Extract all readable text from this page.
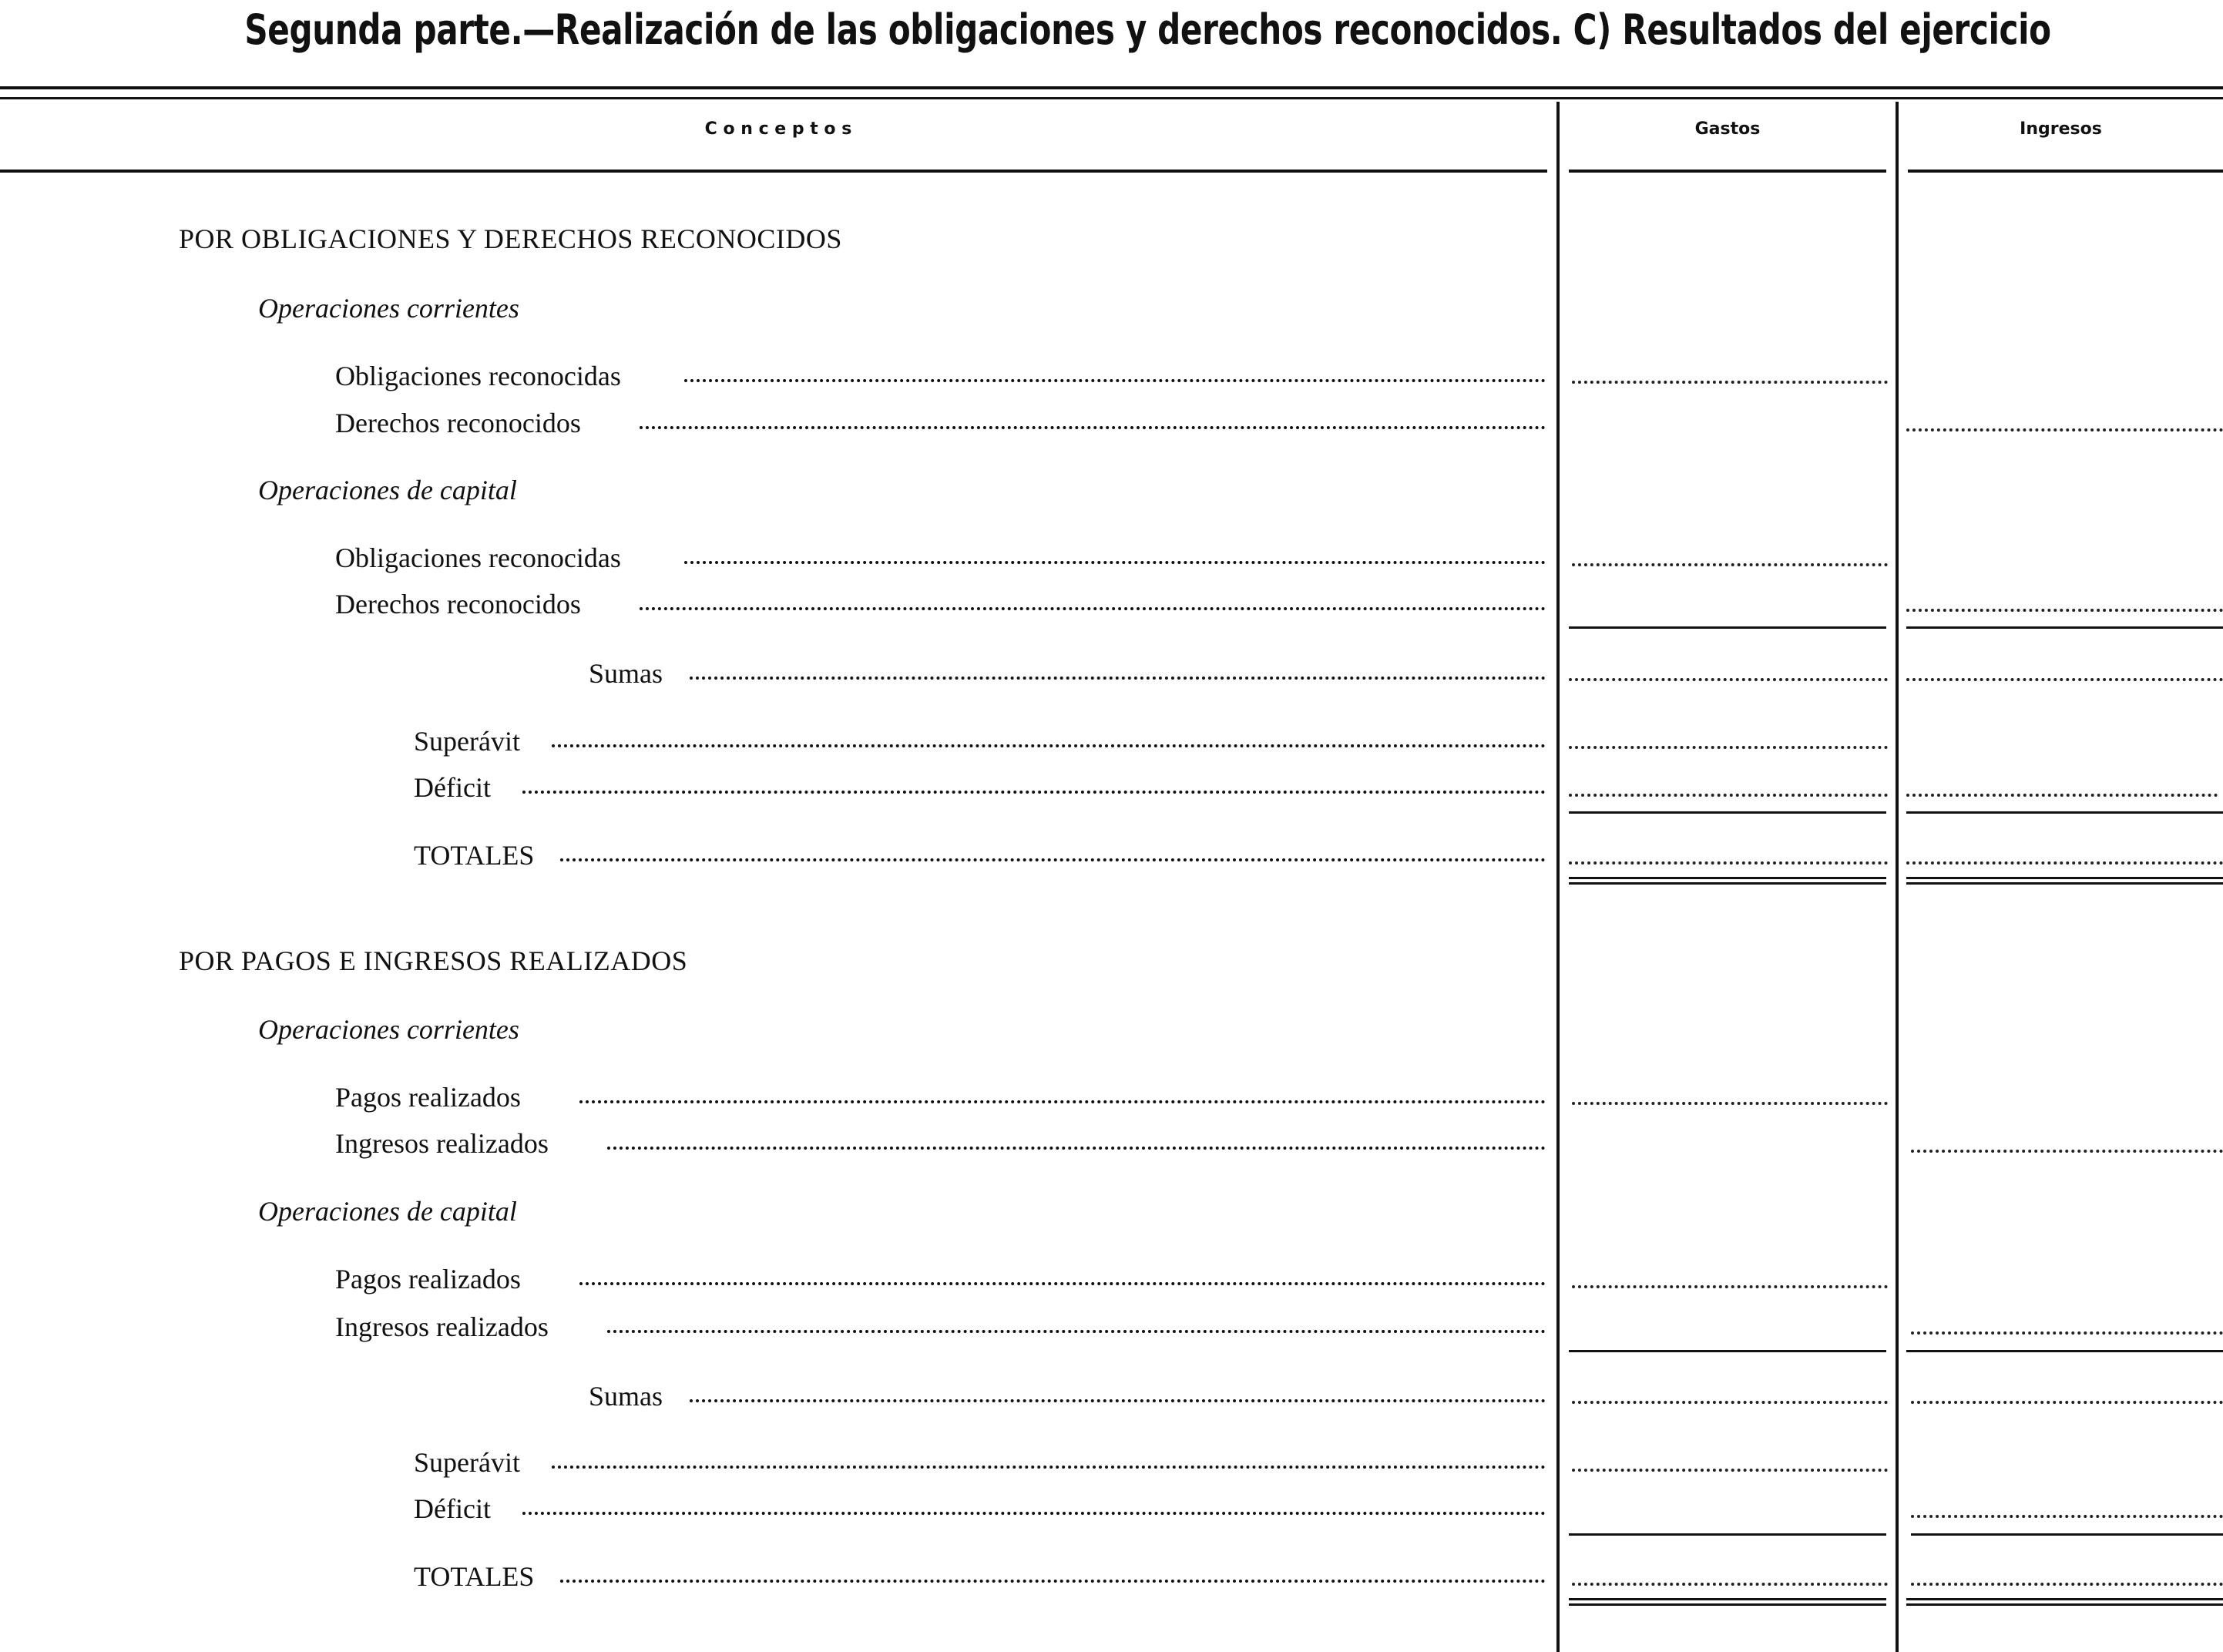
Segunda parte.—Realización de las obligaciones y derechos reconocidos. C) Resultados del ejercicio
C o n c e p t o s	Gastos	Ingresos
POR OBLIGACIONES Y DERECHOS RECONOCIDOS
Operaciones corrientes
Obligaciones reconocidas
Derechos reconocidos
Operaciones de capital
Obligaciones reconocidas
Derechos reconocidos
Sumas
Superávit
Déficit
TOTALES
POR PAGOS E INGRESOS REALIZADOS
Operaciones corrientes
Pagos realizados
Ingresos realizados
Operaciones de capital
Pagos realizados
Ingresos realizados
Sumas
Superávit
Déficit
TOTALES
